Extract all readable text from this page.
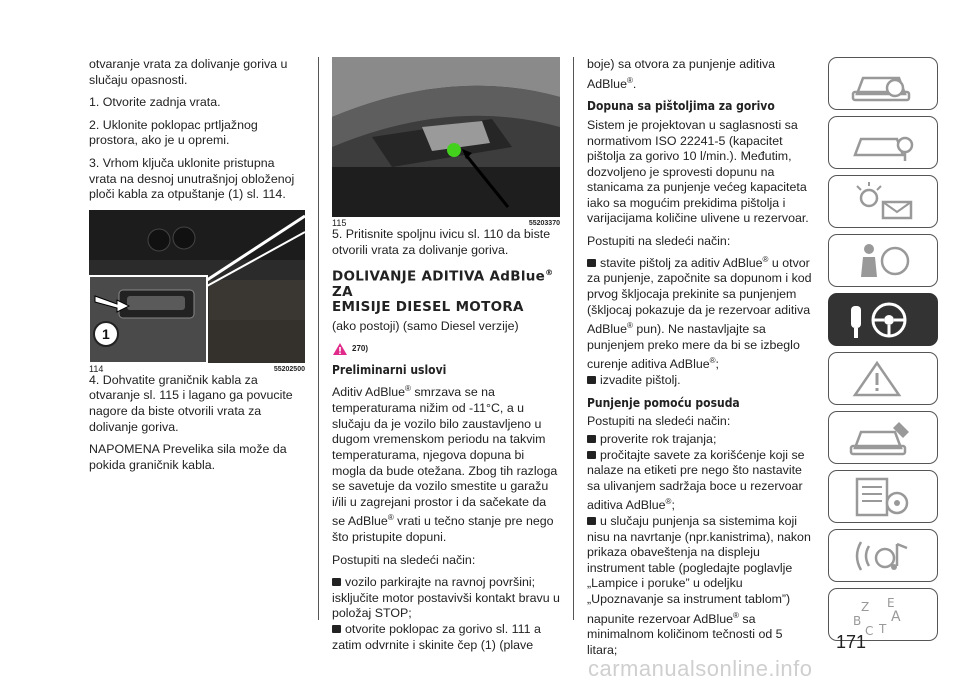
otvaranje vrata za dolivanje goriva u slučaju opasnosti.

1. Otvorite zadnja vrata.

2. Uklonite poklopac prtljažnog prostora, ako je u opremi.

3. Vrhom ključa uklonite pristupna vrata na desnoj unutrašnjoj obloženoj ploči kabla za otpuštanje (1) sl. 114.

1
114	55202500

4. Dohvatite graničnik kabla za otvaranje sl. 115 i lagano ga povucite nagore da biste otvorili vrata za dolivanje goriva.

NAPOMENA Prevelika sila može da pokida graničnik kabla.

115	55203370

5. Pritisnite spoljnu ivicu sl. 110 da biste otvorili vrata za dolivanje goriva.

DOLIVANJE ADITIVA AdBlue® ZA
EMISIJE DIESEL MOTORA

(ako postoji) (samo Diesel verzije)

270)
Preliminarni uslovi

Aditiv AdBlue® smrzava se na temperaturama nižim od -11°C, a u slučaju da je vozilo bilo zaustavljeno u dugom vremenskom periodu na takvim temperaturama, njegova dopuna bi mogla da bude otežana. Zbog tih razloga se savetuje da vozilo smestite u garažu i/ili u zagrejani prostor i da sačekate da se AdBlue® vrati u tečno stanje pre nego što pristupite dopuni.

Postupiti na sledeći način:

vozilo parkirajte na ravnoj površini; isključite motor postavivši kontakt bravu u položaj STOP;

otvorite poklopac za gorivo sl. 111 a zatim odvrnite i skinite čep (1) (plave

boje) sa otvora za punjenje aditiva AdBlue®.

Dopuna sa pištoljima za gorivo

Sistem je projektovan u saglasnosti sa normativom ISO 22241-5 (kapacitet pištolja za gorivo 10 l/min.). Međutim, dozvoljeno je sprovesti dopunu na stanicama za punjenje većeg kapaciteta iako sa mogućim prekidima pištolja i varijacijama količine ulivene u rezervoar.

Postupiti na sledeći način:

stavite pištolj za aditiv AdBlue® u otvor za punjenje, započnite sa dopunom i kod prvog škljocaja prekinite sa punjenjem (škljocaj pokazuje da je rezervoar aditiva AdBlue® pun). Ne nastavljajte sa punjenjem preko mere da bi se izbeglo curenje aditiva AdBlue®;

izvadite pištolj.

Punjenje pomoću posuda

Postupiti na sledeći način:

proverite rok trajanja;

pročitajte savete za korišćenje koji se nalaze na etiketi pre nego što nastavite sa ulivanjem sadržaja boce u rezervoar aditiva AdBlue®;

u slučaju punjenja sa sistemima koji nisu na navrtanje (npr.kanistrima), nakon prikaza obaveštenja na displeju instrument table (pogledajte poglavlje „Lampice i poruke” u odeljku „Upoznavanje sa instrument tablom”) napunite rezervoar AdBlue® sa minimalnom količinom tečnosti od 5 litara;

Z E
B A
C T
171
carmanualsonline.info
